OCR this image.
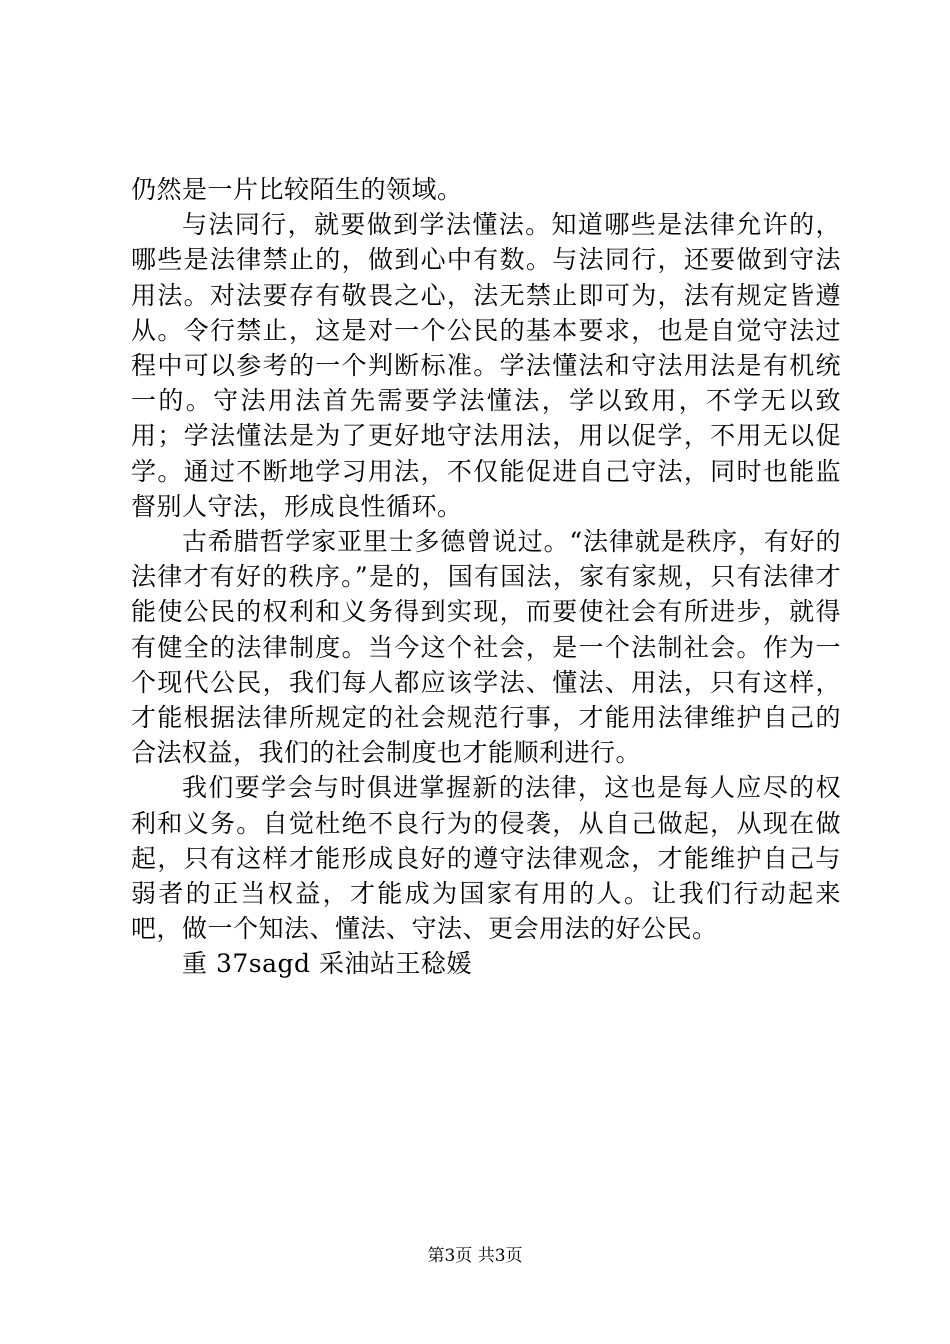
仍然是一片比较陌生的领域。

与法同行，就要做到学法懂法。知道哪些是法律允许的，哪些是法律禁止的，做到心中有数。与法同行，还要做到守法用法。对法要存有敬畏之心，法无禁止即可为，法有规定皆遵从。令行禁止，这是对一个公民的基本要求，也是自觉守法过程中可以参考的一个判断标准。学法懂法和守法用法是有机统一的。守法用法首先需要学法懂法，学以致用，不学无以致用；学法懂法是为了更好地守法用法，用以促学，不用无以促学。通过不断地学习用法，不仅能促进自己守法，同时也能监督别人守法，形成良性循环。

古希腊哲学家亚里士多德曾说过。“法律就是秩序，有好的法律才有好的秩序。”是的，国有国法，家有家规，只有法律才能使公民的权利和义务得到实现，而要使社会有所进步，就得有健全的法律制度。当今这个社会，是一个法制社会。作为一个现代公民，我们每人都应该学法、懂法、用法，只有这样，才能根据法律所规定的社会规范行事，才能用法律维护自己的合法权益，我们的社会制度也才能顺利进行。

我们要学会与时俱进掌握新的法律，这也是每人应尽的权利和义务。自觉杜绝不良行为的侵袭，从自己做起，从现在做起，只有这样才能形成良好的遵守法律观念，才能维护自己与弱者的正当权益，才能成为国家有用的人。让我们行动起来吧，做一个知法、懂法、守法、更会用法的好公民。

重 37sagd 采油站王稔媛

第3页 共3页
